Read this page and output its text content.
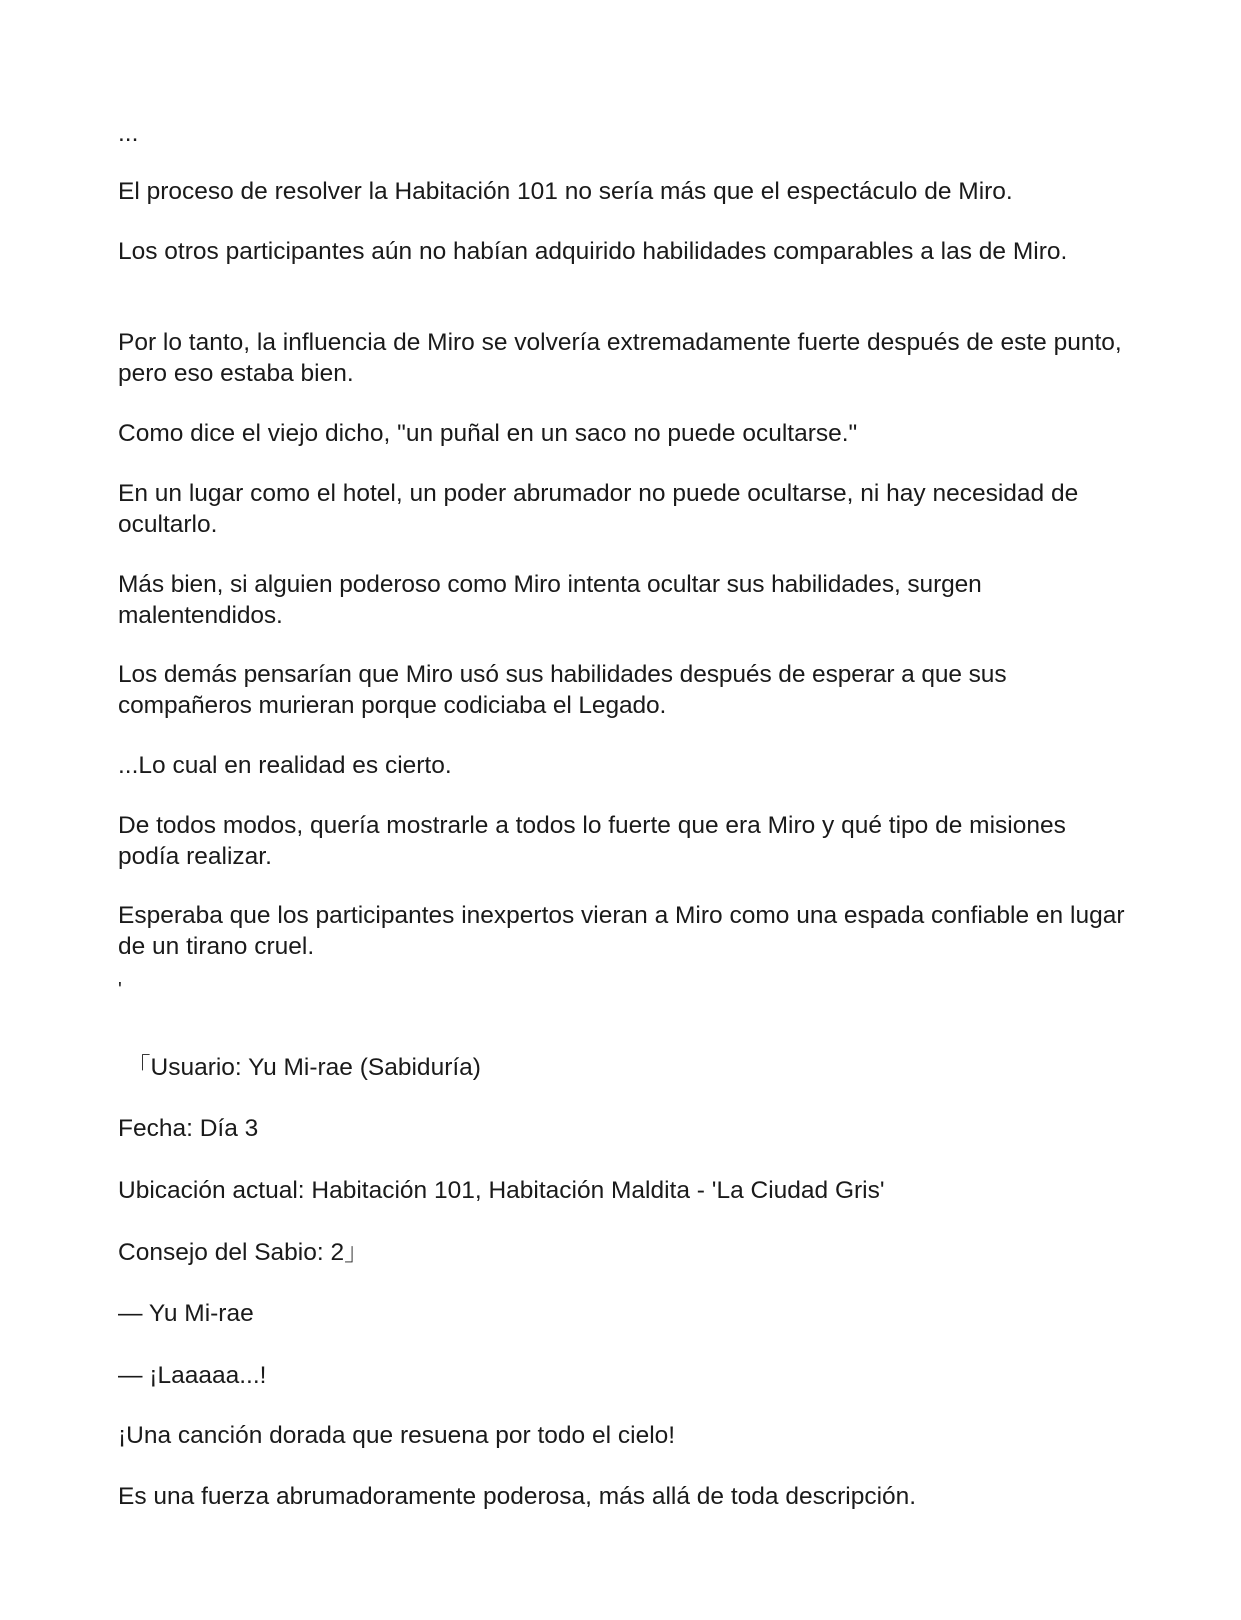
...

El proceso de resolver la Habitación 101 no sería más que el espectáculo de Miro.

Los otros participantes aún no habían adquirido habilidades comparables a las de Miro.

Por lo tanto, la influencia de Miro se volvería extremadamente fuerte después de este punto, pero eso estaba bien.

Como dice el viejo dicho, "un puñal en un saco no puede ocultarse."

En un lugar como el hotel, un poder abrumador no puede ocultarse, ni hay necesidad de ocultarlo.

Más bien, si alguien poderoso como Miro intenta ocultar sus habilidades, surgen malentendidos.

Los demás pensarían que Miro usó sus habilidades después de esperar a que sus compañeros murieran porque codiciaba el Legado.

...Lo cual en realidad es cierto.

De todos modos, quería mostrarle a todos lo fuerte que era Miro y qué tipo de misiones podía realizar.

Esperaba que los participantes inexpertos vieran a Miro como una espada confiable en lugar de un tirano cruel.

'

「Usuario: Yu Mi-rae (Sabiduría)

Fecha: Día 3

Ubicación actual: Habitación 101, Habitación Maldita - 'La Ciudad Gris'

Consejo del Sabio: 2」

— Yu Mi-rae

— ¡Laaaaa...!

¡Una canción dorada que resuena por todo el cielo!

Es una fuerza abrumadoramente poderosa, más allá de toda descripción.
